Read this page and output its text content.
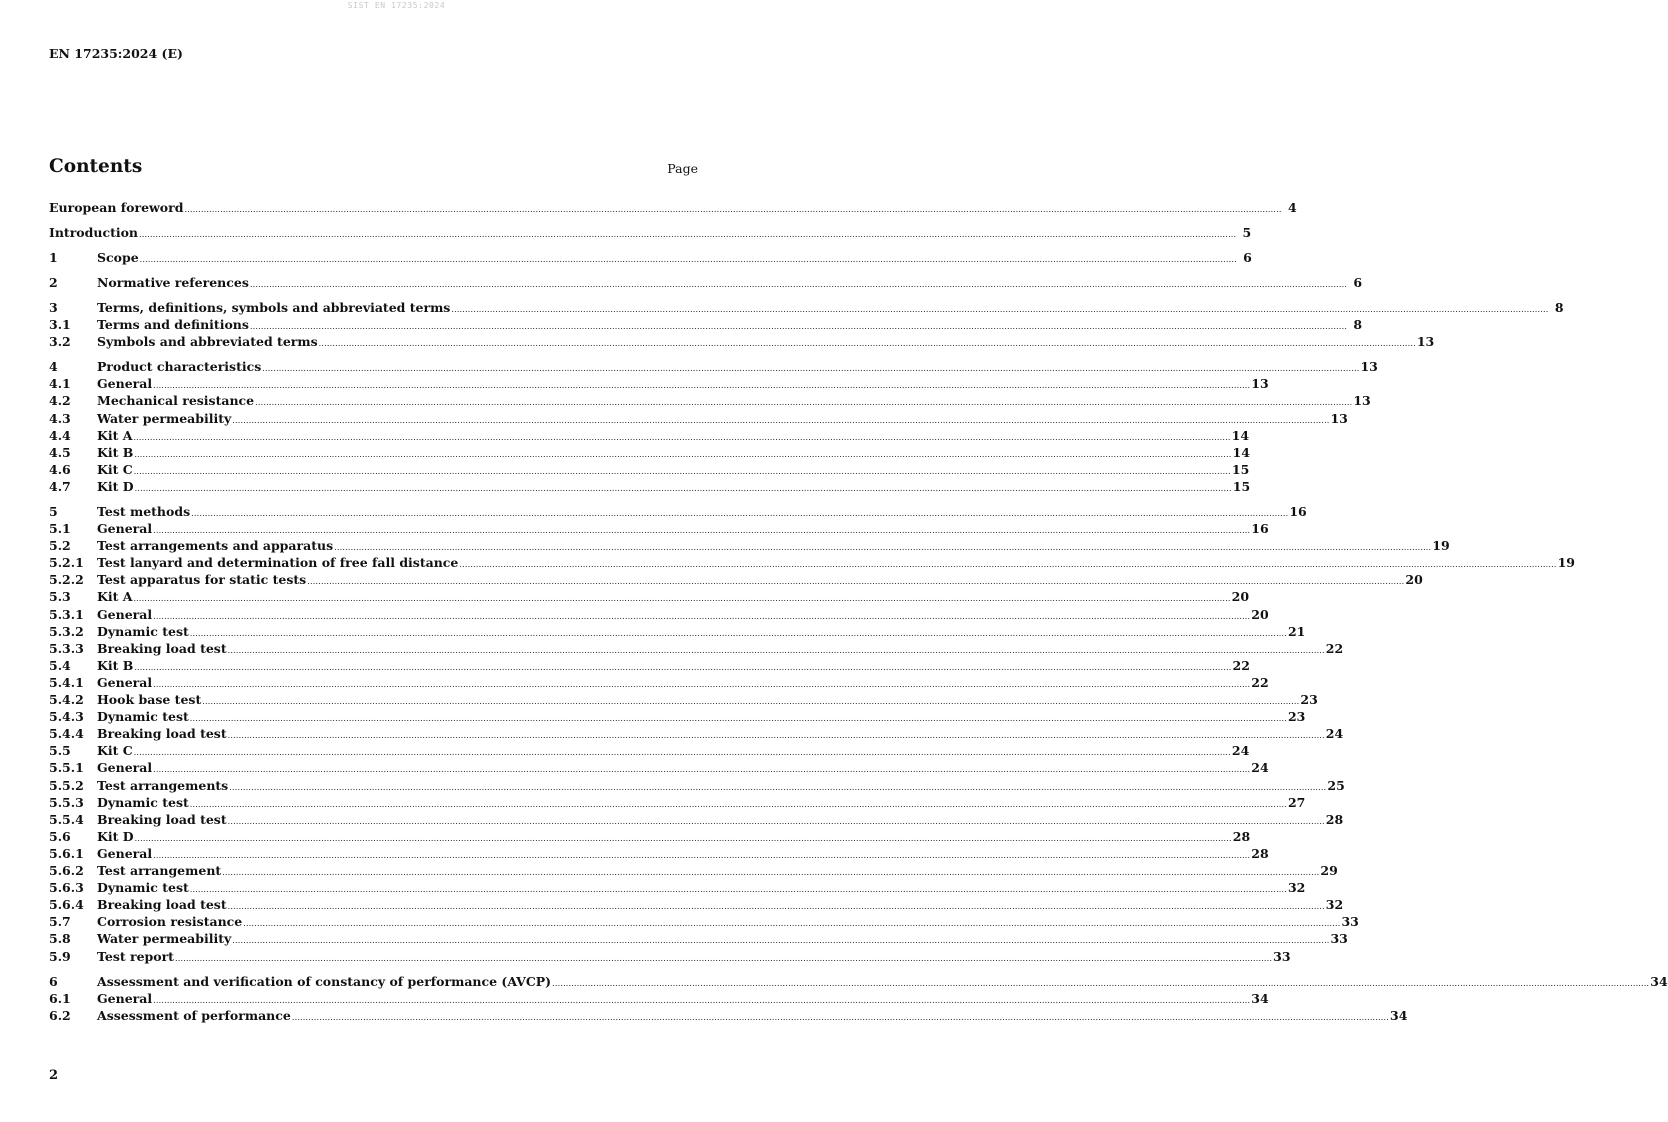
SIST EN 17235:2024
EN 17235:2024 (E)
Contents	Page
European foreword ................................................................................................................................................................................................................................................................................................................................................................................................................ 4
Introduction ................................................................................................................................................................................................................................................................................................................................................................................................................ 5
1	Scope ................................................................................................................................................................................................................................................................................................................................................................................................................ 6
2	Normative references ................................................................................................................................................................................................................................................................................................................................................................................................................ 6
3	Terms, definitions, symbols and abbreviated terms ................................................................................................................................................................................................................................................................................................................................................................................................................ 8
3.1	Terms and definitions ................................................................................................................................................................................................................................................................................................................................................................................................................ 8
3.2	Symbols and abbreviated terms ................................................................................................................................................................................................................................................................................................................................................................................................................ 13
4	Product characteristics ................................................................................................................................................................................................................................................................................................................................................................................................................ 13
4.1	General ................................................................................................................................................................................................................................................................................................................................................................................................................ 13
4.2	Mechanical resistance ................................................................................................................................................................................................................................................................................................................................................................................................................ 13
4.3	Water permeability ................................................................................................................................................................................................................................................................................................................................................................................................................ 13
4.4	Kit A ................................................................................................................................................................................................................................................................................................................................................................................................................ 14
4.5	Kit B ................................................................................................................................................................................................................................................................................................................................................................................................................ 14
4.6	Kit C ................................................................................................................................................................................................................................................................................................................................................................................................................ 15
4.7	Kit D ................................................................................................................................................................................................................................................................................................................................................................................................................ 15
5	Test methods ................................................................................................................................................................................................................................................................................................................................................................................................................ 16
5.1	General ................................................................................................................................................................................................................................................................................................................................................................................................................ 16
5.2	Test arrangements and apparatus ................................................................................................................................................................................................................................................................................................................................................................................................................ 19
5.2.1	Test lanyard and determination of free fall distance ................................................................................................................................................................................................................................................................................................................................................................................................................ 19
5.2.2	Test apparatus for static tests ................................................................................................................................................................................................................................................................................................................................................................................................................ 20
5.3	Kit A ................................................................................................................................................................................................................................................................................................................................................................................................................ 20
5.3.1	General ................................................................................................................................................................................................................................................................................................................................................................................................................ 20
5.3.2	Dynamic test ................................................................................................................................................................................................................................................................................................................................................................................................................ 21
5.3.3	Breaking load test ................................................................................................................................................................................................................................................................................................................................................................................................................ 22
5.4	Kit B ................................................................................................................................................................................................................................................................................................................................................................................................................ 22
5.4.1	General ................................................................................................................................................................................................................................................................................................................................................................................................................ 22
5.4.2	Hook base test ................................................................................................................................................................................................................................................................................................................................................................................................................ 23
5.4.3	Dynamic test ................................................................................................................................................................................................................................................................................................................................................................................................................ 23
5.4.4	Breaking load test ................................................................................................................................................................................................................................................................................................................................................................................................................ 24
5.5	Kit C ................................................................................................................................................................................................................................................................................................................................................................................................................ 24
5.5.1	General ................................................................................................................................................................................................................................................................................................................................................................................................................ 24
5.5.2	Test arrangements ................................................................................................................................................................................................................................................................................................................................................................................................................ 25
5.5.3	Dynamic test ................................................................................................................................................................................................................................................................................................................................................................................................................ 27
5.5.4	Breaking load test ................................................................................................................................................................................................................................................................................................................................................................................................................ 28
5.6	Kit D ................................................................................................................................................................................................................................................................................................................................................................................................................ 28
5.6.1	General ................................................................................................................................................................................................................................................................................................................................................................................................................ 28
5.6.2	Test arrangement ................................................................................................................................................................................................................................................................................................................................................................................................................ 29
5.6.3	Dynamic test ................................................................................................................................................................................................................................................................................................................................................................................................................ 32
5.6.4	Breaking load test ................................................................................................................................................................................................................................................................................................................................................................................................................ 32
5.7	Corrosion resistance ................................................................................................................................................................................................................................................................................................................................................................................................................ 33
5.8	Water permeability ................................................................................................................................................................................................................................................................................................................................................................................................................ 33
5.9	Test report ................................................................................................................................................................................................................................................................................................................................................................................................................ 33
6	Assessment and verification of constancy of performance (AVCP) ................................................................................................................................................................................................................................................................................................................................................................................................................ 34
6.1	General ................................................................................................................................................................................................................................................................................................................................................................................................................ 34
6.2	Assessment of performance ................................................................................................................................................................................................................................................................................................................................................................................................................ 34
2
